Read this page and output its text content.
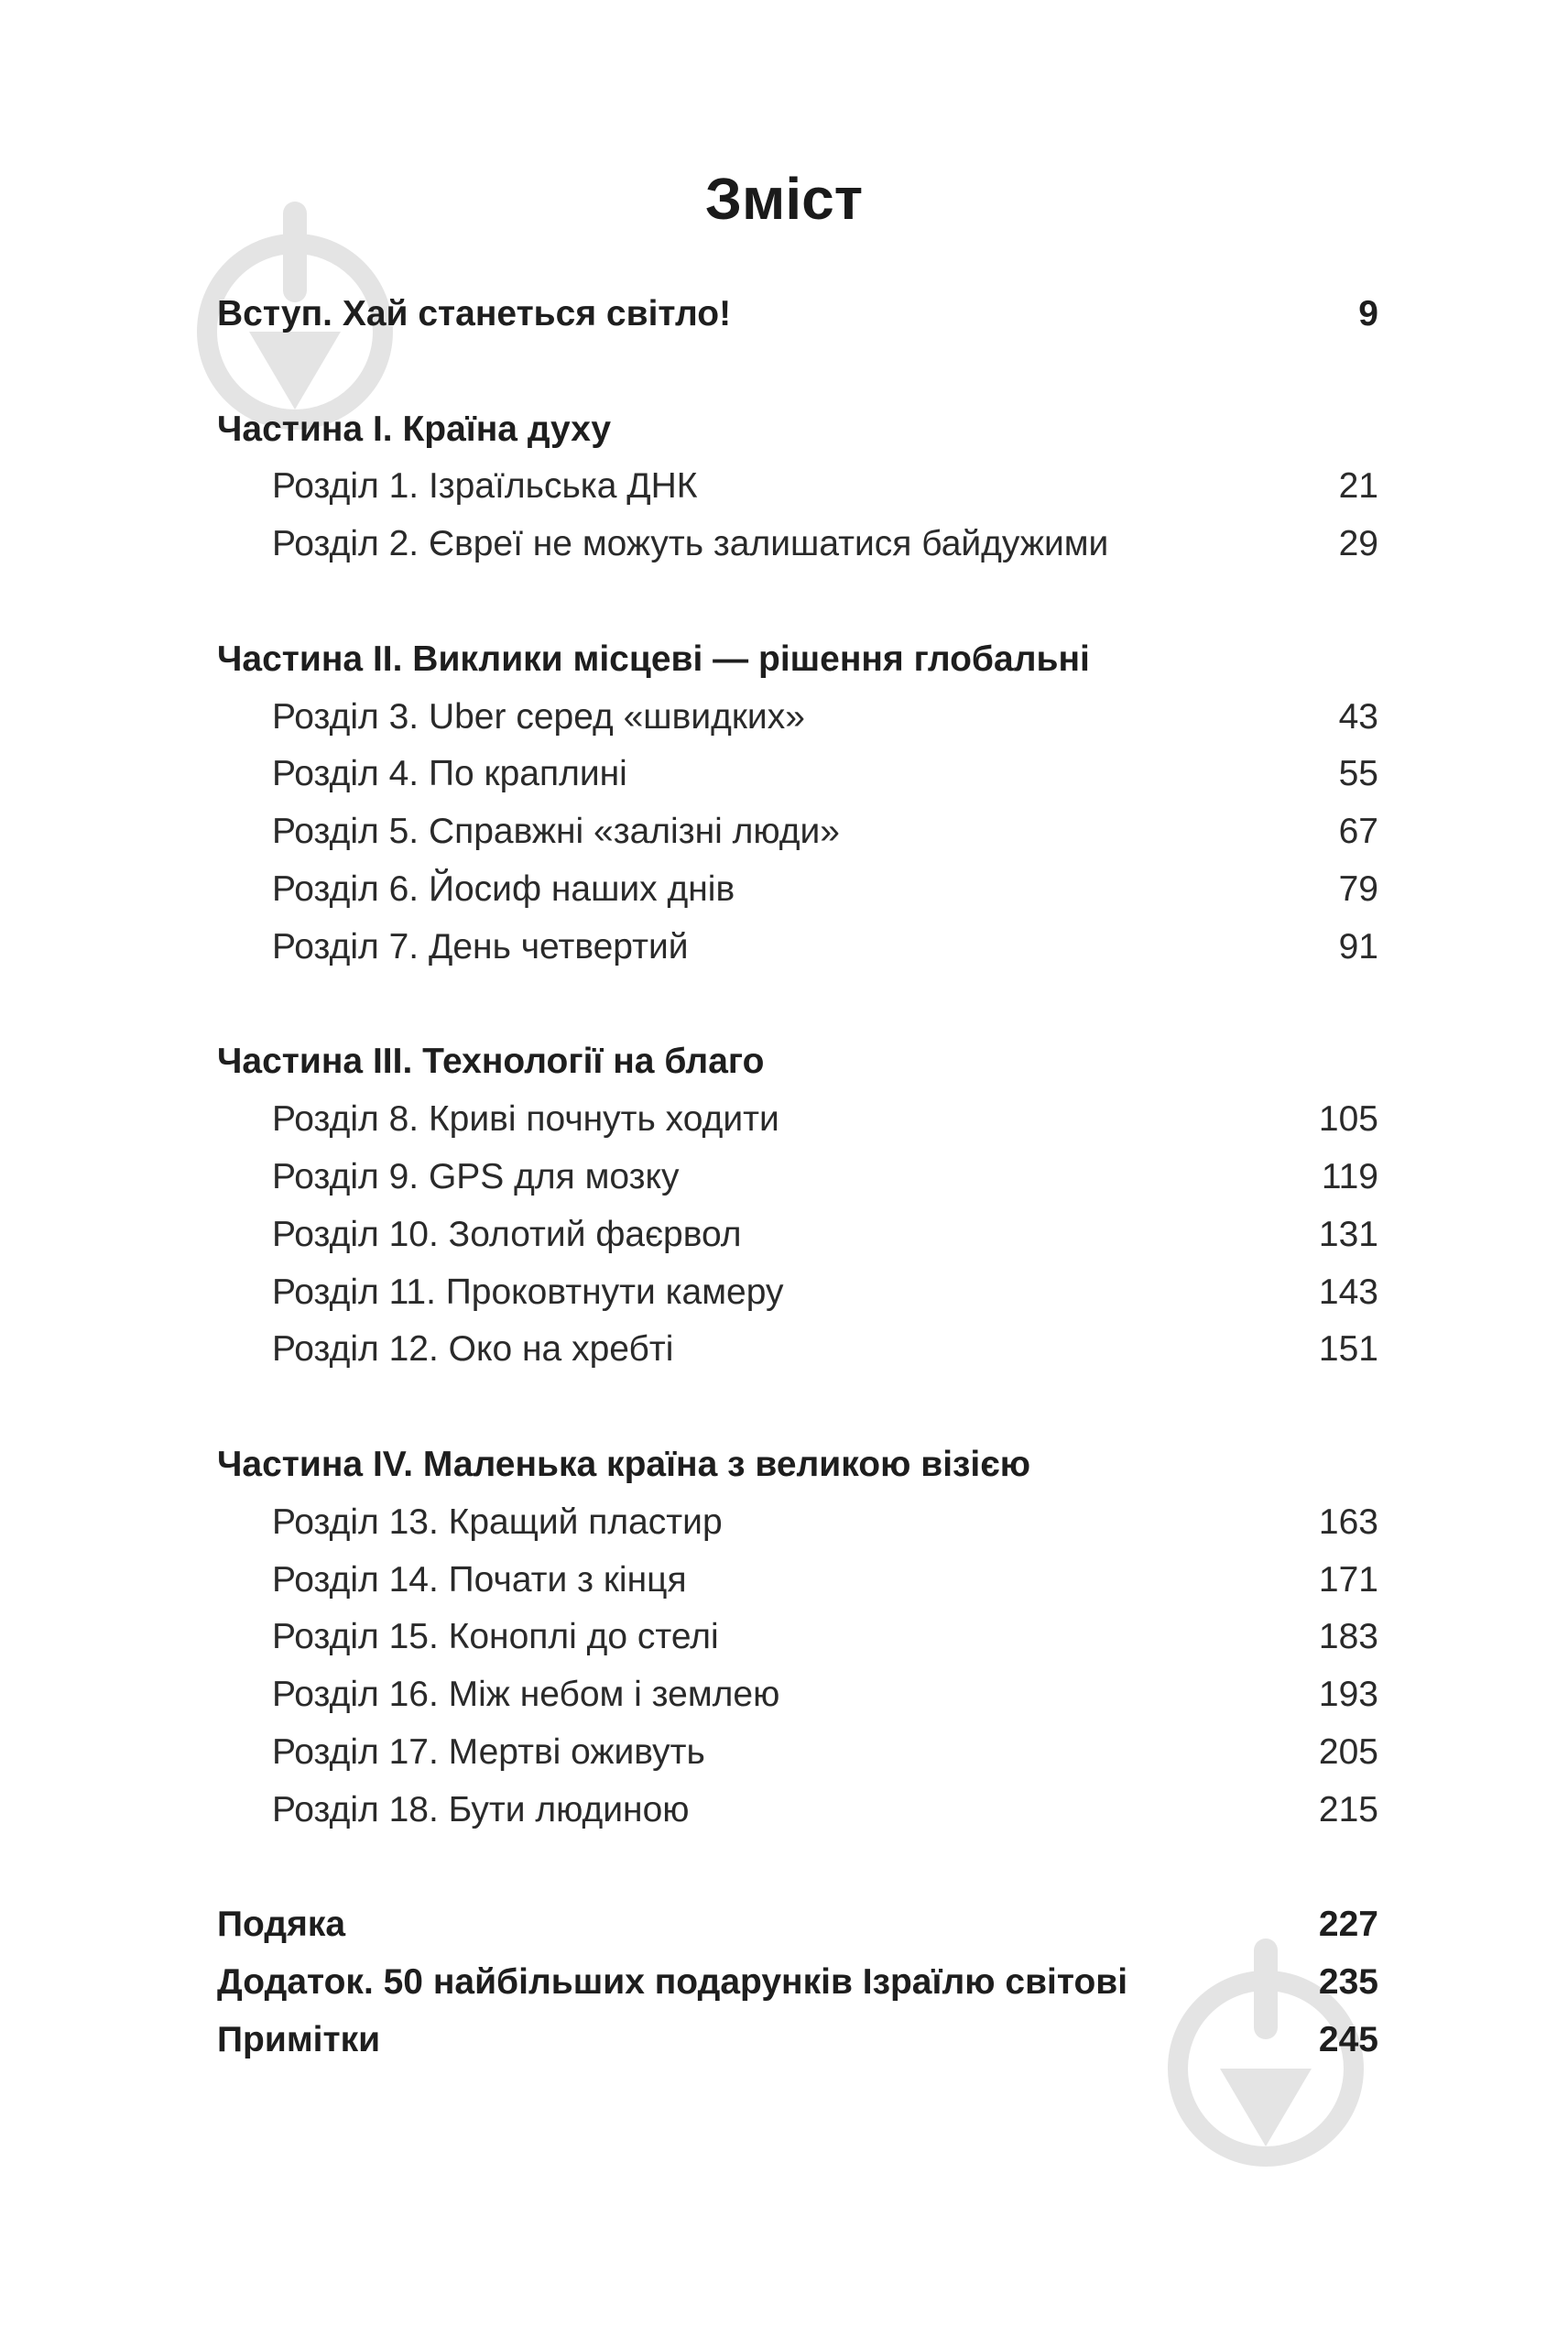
Зміст
Вступ. Хай станеться світло!	9
Частина I. Країна духу
Розділ 1. Ізраїльська ДНК	21
Розділ 2. Євреї не можуть залишатися байдужими	29
Частина II. Виклики місцеві — рішення глобальні
Розділ 3. Uber серед «швидких»	43
Розділ 4. По краплині	55
Розділ 5. Справжні «залізні люди»	67
Розділ 6. Йосиф наших днів	79
Розділ 7. День четвертий	91
Частина III. Технології на благо
Розділ 8. Криві почнуть ходити	105
Розділ 9. GPS для мозку	119
Розділ 10. Золотий фаєрвол	131
Розділ 11. Проковтнути камеру	143
Розділ 12. Око на хребті	151
Частина IV. Маленька країна з великою візією
Розділ 13. Кращий пластир	163
Розділ 14. Почати з кінця	171
Розділ 15. Коноплі до стелі	183
Розділ 16. Між небом і землею	193
Розділ 17. Мертві оживуть	205
Розділ 18. Бути людиною	215
Подяка	227
Додаток. 50 найбільших подарунків Ізраїлю світові	235
Примітки	245
